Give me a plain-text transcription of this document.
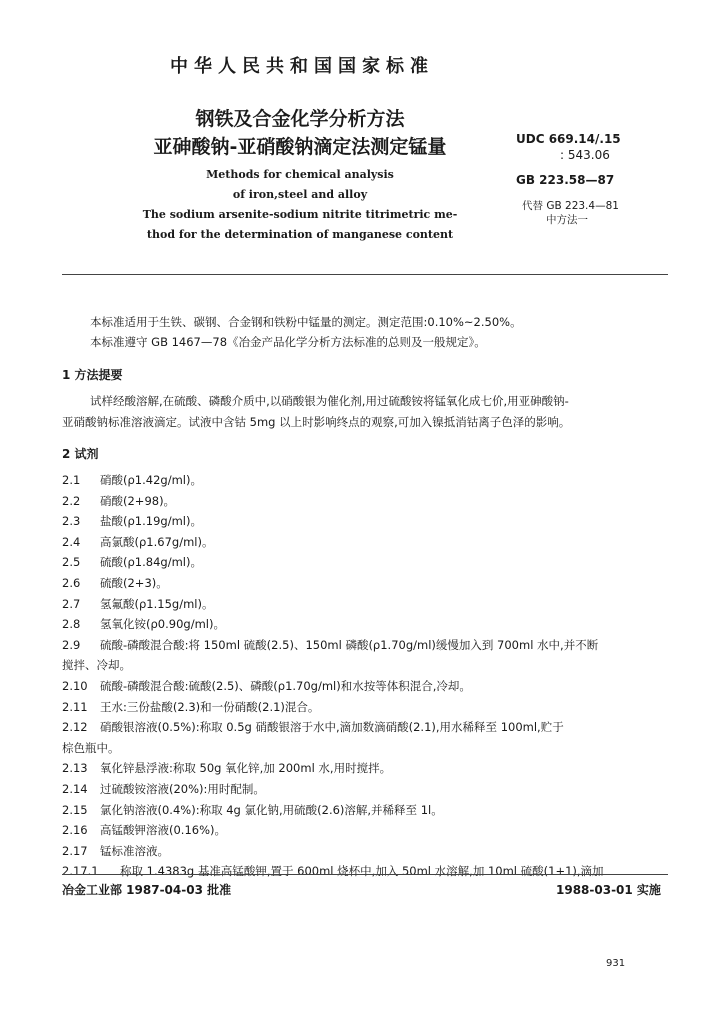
中华人民共和国国家标准
钢铁及合金化学分析方法
亚砷酸钠-亚硝酸钠滴定法测定锰量
Methods for chemical analysis
of iron,steel and alloy
The sodium arsenite-sodium nitrite titrimetric me-
thod for the determination of manganese content
UDC 669.14/.15
: 543.06
GB 223.58—87
代替 GB 223.4—81
中方法一
本标准适用于生铁、碳钢、合金钢和铁粉中锰量的测定。测定范围:0.10%~2.50%。
本标准遵守 GB 1467—78《冶金产品化学分析方法标准的总则及一般规定》。
1 方法提要
试样经酸溶解,在硫酸、磷酸介质中,以硝酸银为催化剂,用过硫酸铵将锰氧化成七价,用亚砷酸钠-
亚硝酸钠标准溶液滴定。试液中含钴 5mg 以上时影响终点的观察,可加入镍抵消钴离子色泽的影响。
2 试剂
2.1	硝酸(ρ1.42g/ml)。
2.2	硝酸(2+98)。
2.3	盐酸(ρ1.19g/ml)。
2.4	高氯酸(ρ1.67g/ml)。
2.5	硫酸(ρ1.84g/ml)。
2.6	硫酸(2+3)。
2.7	氢氟酸(ρ1.15g/ml)。
2.8	氢氧化铵(ρ0.90g/ml)。
2.9	硫酸-磷酸混合酸:将 150ml 硫酸(2.5)、150ml 磷酸(ρ1.70g/ml)缓慢加入到 700ml 水中,并不断
搅拌、冷却。
2.10	硫酸-磷酸混合酸:硫酸(2.5)、磷酸(ρ1.70g/ml)和水按等体积混合,冷却。
2.11	王水:三份盐酸(2.3)和一份硝酸(2.1)混合。
2.12	硝酸银溶液(0.5%):称取 0.5g 硝酸银溶于水中,滴加数滴硝酸(2.1),用水稀释至 100ml,贮于
棕色瓶中。
2.13	氧化锌悬浮液:称取 50g 氧化锌,加 200ml 水,用时搅拌。
2.14	过硫酸铵溶液(20%):用时配制。
2.15	氯化钠溶液(0.4%):称取 4g 氯化钠,用硫酸(2.6)溶解,并稀释至 1l。
2.16	高锰酸钾溶液(0.16%)。
2.17	锰标准溶液。
2.17.1	称取 1.4383g 基准高锰酸钾,置于 600ml 烧杯中,加入 50ml 水溶解,加 10ml 硫酸(1+1),滴加
冶金工业部 1987-04-03 批准	1988-03-01 实施
931
